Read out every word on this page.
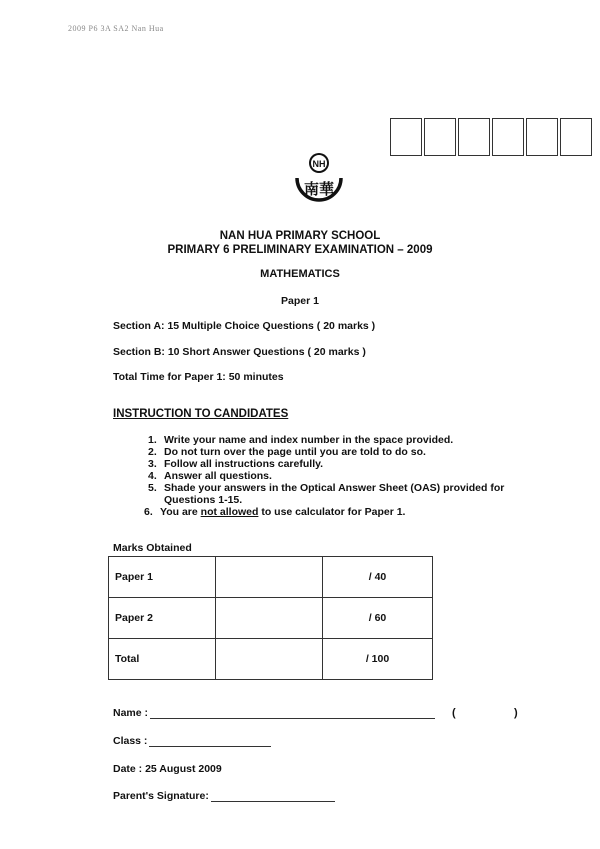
2009 P6 3A SA2 Nan Hua
NH
南華
NAN HUA PRIMARY SCHOOL
PRIMARY 6 PRELIMINARY EXAMINATION – 2009
MATHEMATICS
Paper 1
Section A: 15 Multiple Choice Questions ( 20 marks )
Section B: 10 Short Answer Questions ( 20 marks )
Total Time for Paper 1: 50 minutes
INSTRUCTION TO CANDIDATES
1. Write your name and index number in the space provided.
2. Do not turn over the page until you are told to do so.
3. Follow all instructions carefully.
4. Answer all questions.
5. Shade your answers in the Optical Answer Sheet (OAS) provided for Questions 1-15.
6. You are not allowed to use calculator for Paper 1.
Marks Obtained
Paper 1		/ 40
Paper 2		/ 60
Total		/ 100
Name :	(	)
Class :
Date : 25 August 2009
Parent's Signature:
